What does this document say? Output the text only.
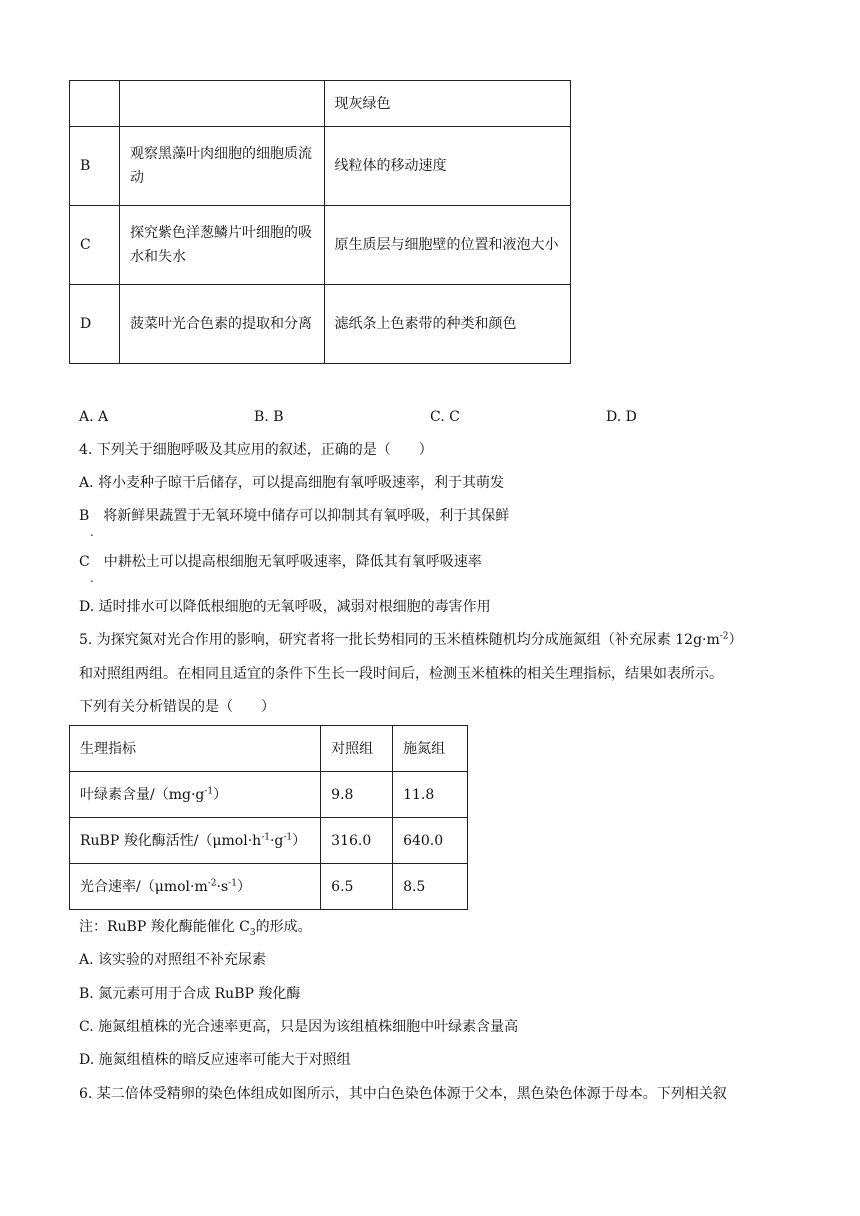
		现灰绿色
B	观察黑藻叶肉细胞的细胞质流动	线粒体的移动速度
C	探究紫色洋葱鳞片叶细胞的吸水和失水	原生质层与细胞壁的位置和液泡大小
D	菠菜叶光合色素的提取和分离	滤纸条上色素带的种类和颜色
A. A	B. B	C. C	D. D
4. 下列关于细胞呼吸及其应用的叙述，正确的是（　　）
A. 将小麦种子晾干后储存，可以提高细胞有氧呼吸速率，利于其萌发
B　将新鲜果蔬置于无氧环境中储存可以抑制其有氧呼吸，利于其保鲜
.
C　中耕松土可以提高根细胞无氧呼吸速率，降低其有氧呼吸速率
.
D. 适时排水可以降低根细胞的无氧呼吸，减弱对根细胞的毒害作用
5. 为探究氮对光合作用的影响，研究者将一批长势相同的玉米植株随机均分成施氮组（补充尿素 $12g\cdot m^{-2}$）
和对照组两组。在相同且适宜的条件下生长一段时间后，检测玉米植株的相关生理指标，结果如表所示。
下列有关分析错误的是（　　）
生理指标	对照组	施氮组
叶绿素含量$/(mg\cdot g^{-1})$	9.8	11.8
RuBP 羧化酶活性$/(\mu mol\cdot h^{-1}\cdot g^{-1})$	316.0	640.0
光合速率$/(\mu mol\cdot m^{-2}\cdot s^{-1})$	6.5	8.5
注：RuBP 羧化酶能催化 $C_3$的形成。
A. 该实验的对照组不补充尿素
B. 氮元素可用于合成 RuBP 羧化酶
C. 施氮组植株的光合速率更高，只是因为该组植株细胞中叶绿素含量高
D. 施氮组植株的暗反应速率可能大于对照组
6. 某二倍体受精卵的染色体组成如图所示，其中白色染色体源于父本，黑色染色体源于母本。下列相关叙
